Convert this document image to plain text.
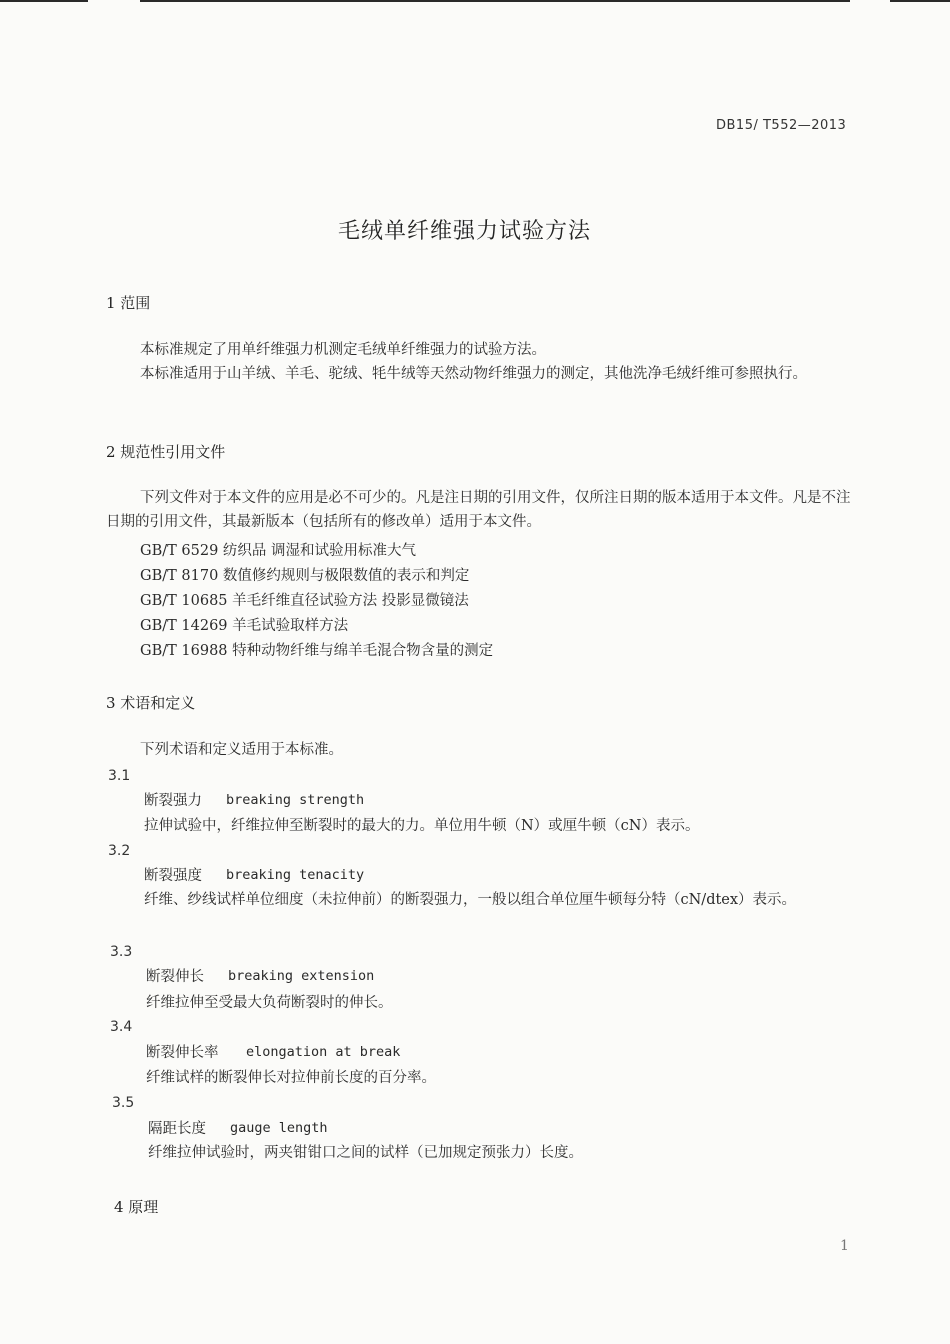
DB15/ T552—2013
毛绒单纤维强力试验方法
1 范围
本标准规定了用单纤维强力机测定毛绒单纤维强力的试验方法。
本标准适用于山羊绒、羊毛、驼绒、牦牛绒等天然动物纤维强力的测定，其他洗净毛绒纤维可参照执行。
2 规范性引用文件
下列文件对于本文件的应用是必不可少的。凡是注日期的引用文件，仅所注日期的版本适用于本文件。凡是不注日期的引用文件，其最新版本（包括所有的修改单）适用于本文件。
GB/T 6529 纺织品 调湿和试验用标准大气
GB/T 8170 数值修约规则与极限数值的表示和判定
GB/T 10685 羊毛纤维直径试验方法 投影显微镜法
GB/T 14269 羊毛试验取样方法
GB/T 16988 特种动物纤维与绵羊毛混合物含量的测定
3 术语和定义
下列术语和定义适用于本标准。
3.1
断裂强力 breaking strength
拉伸试验中，纤维拉伸至断裂时的最大的力。单位用牛顿（N）或厘牛顿（cN）表示。
3.2
断裂强度 breaking tenacity
纤维、纱线试样单位细度（未拉伸前）的断裂强力，一般以组合单位厘牛顿每分特（cN/dtex）表示。
3.3
断裂伸长 breaking extension
纤维拉伸至受最大负荷断裂时的伸长。
3.4
断裂伸长率 elongation at break
纤维试样的断裂伸长对拉伸前长度的百分率。
3.5
隔距长度 gauge length
纤维拉伸试验时，两夹钳钳口之间的试样（已加规定预张力）长度。
4 原理
1
